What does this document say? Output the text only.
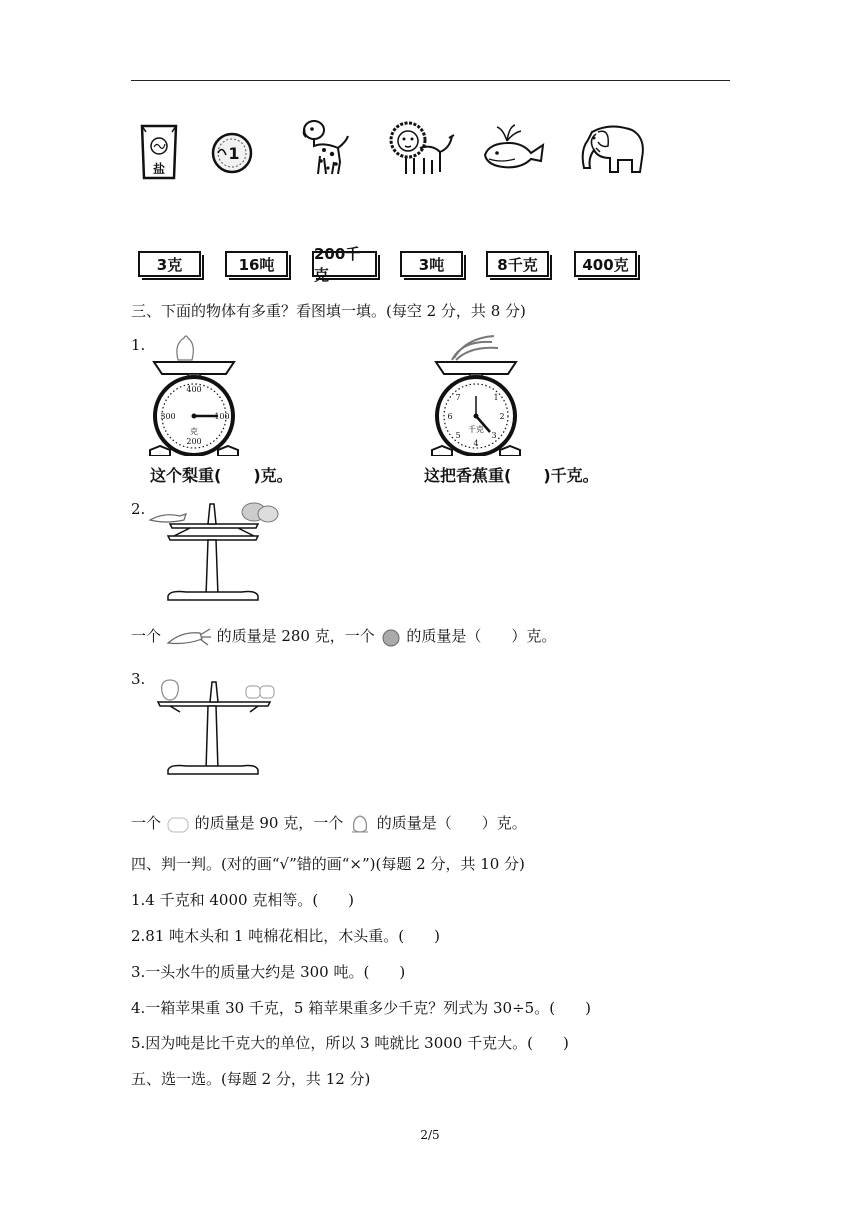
盐
1
3克	16吨
200千克
3吨	8千克	400克
三、下面的物体有多重？看图填一填。(每空 2 分，共 8 分)
1.
400
300	100
200
克
这个梨重(　　)克。
7	1
6	2
5	3
4
千克
这把香蕉重(　　)千克。
2.
一个	的质量是 280 克，一个 的质量是（　　）克。
3.
一个 的质量是 90 克，一个 的质量是（　　）克。
四、判一判。(对的画“√”错的画“×”)(每题 2 分，共 10 分)
1.4 千克和 4000 克相等。(　　)
2.81 吨木头和 1 吨棉花相比，木头重。(　　)
3.一头水牛的质量大约是 300 吨。(　　)
4.一箱苹果重 30 千克，5 箱苹果重多少千克？列式为 30÷5。(　　)
5.因为吨是比千克大的单位，所以 3 吨就比 3000 千克大。(　　)
五、选一选。(每题 2 分，共 12 分)
2/5
